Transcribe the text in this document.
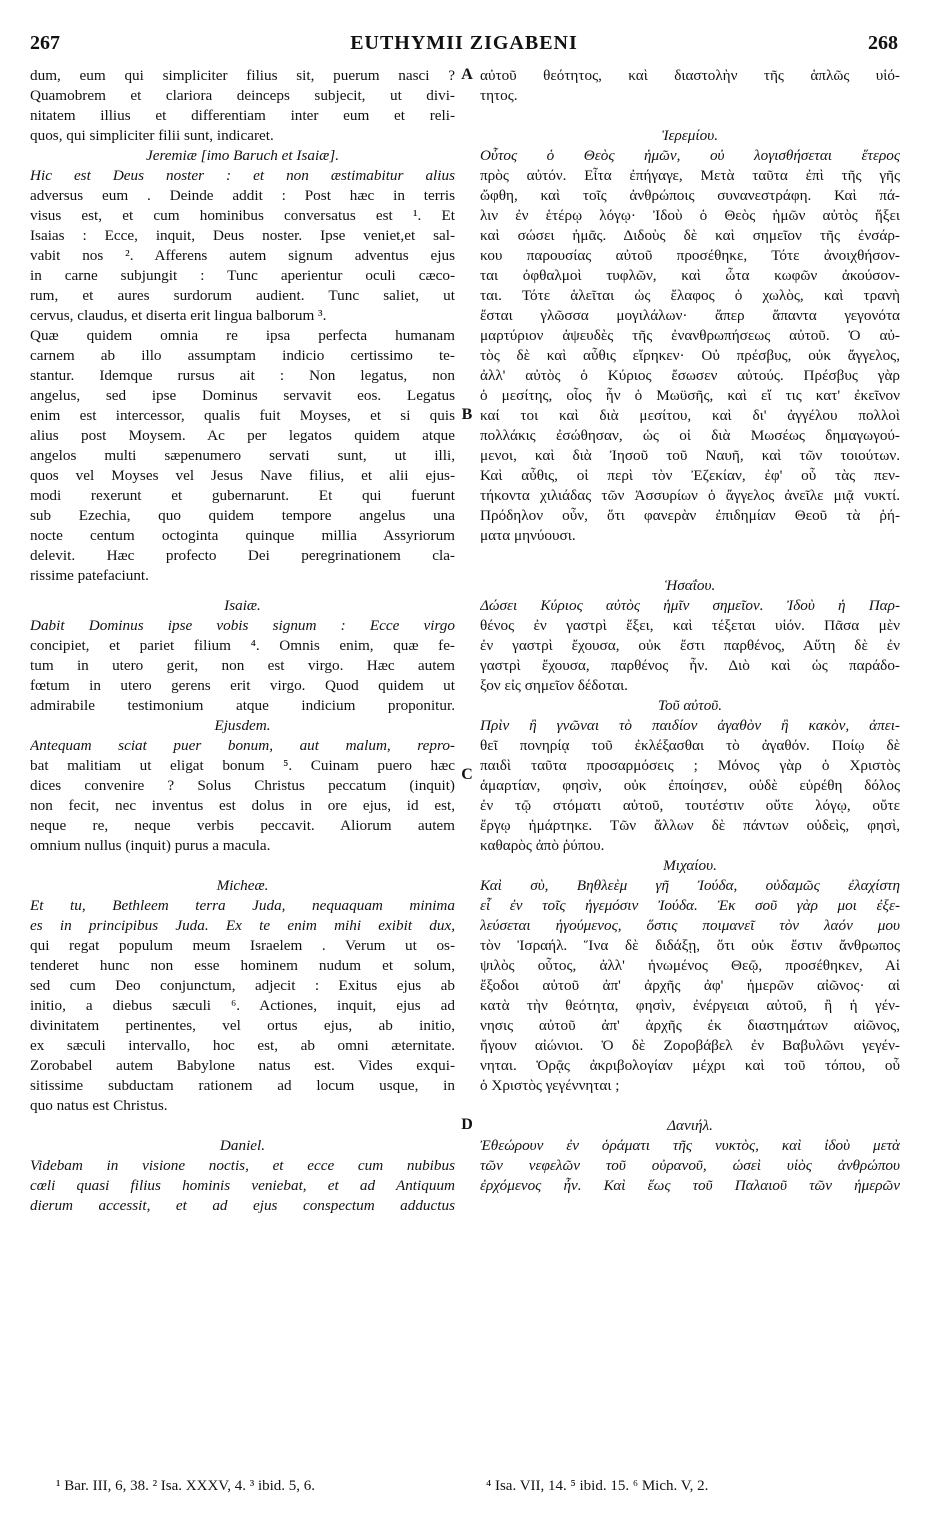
267	EUTHYMII ZIGABENI	268
dum, eum qui simpliciter filius sit, puerum nasci ?
Quamobrem et clariora deinceps subjecit, ut divi-
nitatem illius et differentiam inter eum et reli-
quos, qui simpliciter filii sunt, indicaret.
Jeremiæ [imo Baruch et Isaiæ].
Hic est Deus noster : et non æstimabitur alius
adversus eum . Deinde addit : Post hæc in terris
visus est, et cum hominibus conversatus est ¹. Et
Isaias : Ecce, inquit, Deus noster. Ipse veniet,et sal-
vabit nos ². Afferens autem signum adventus ejus
in carne subjungit : Tunc aperientur oculi cæco-
rum, et aures surdorum audient. Tunc saliet, ut
cervus, claudus, et diserta erit lingua balborum ³.
Quæ quidem omnia re ipsa perfecta humanam
carnem ab illo assumptam indicio certissimo te-
stantur. Idemque rursus ait : Non legatus, non
angelus, sed ipse Dominus servavit eos. Legatus
enim est intercessor, qualis fuit Moyses, et si quis
alius post Moysem. Ac per legatos quidem atque
angelos multi sæpenumero servati sunt, ut illi,
quos vel Moyses vel Jesus Nave filius, et alii ejus-
modi rexerunt et gubernarunt. Et qui fuerunt
sub Ezechia, quo quidem tempore angelus una
nocte centum octoginta quinque millia Assyriorum
delevit. Hæc profecto Dei peregrinationem cla-
rissime patefaciunt.
Isaiæ.
Dabit Dominus ipse vobis signum : Ecce virgo
concipiet, et pariet filium ⁴. Omnis enim, quæ fe-
tum in utero gerit, non est virgo. Hæc autem
fœtum in utero gerens erit virgo. Quod quidem ut
admirabile testimonium atque indicium proponitur.
Ejusdem.
Antequam sciat puer bonum, aut malum, repro-
bat malitiam ut eligat bonum ⁵. Cuinam puero hæc
dices convenire ? Solus Christus peccatum (inquit)
non fecit, nec inventus est dolus in ore ejus, id est,
neque re, neque verbis peccavit. Aliorum autem
omnium nullus (inquit) purus a macula.
Micheæ.
Et tu, Bethleem terra Juda, nequaquam minima
es in principibus Juda. Ex te enim mihi exibit dux,
qui regat populum meum Israelem . Verum ut os-
tenderet hunc non esse hominem nudum et solum,
sed cum Deo conjunctum, adjecit : Exitus ejus ab
initio, a diebus sæculi ⁶. Actiones, inquit, ejus ad
divinitatem pertinentes, vel ortus ejus, ab initio,
ex sæculi intervallo, hoc est, ab omni æternitate.
Zorobabel autem Babylone natus est. Vides exqui-
sitissime subductam rationem ad locum usque, in
quo natus est Christus.
Daniel.
Videbam in visione noctis, et ecce cum nubibus
cœli quasi filius hominis veniebat, et ad Antiquum
dierum accessit, et ad ejus conspectum adductus
A
B
C
D
αὐτοῦ θεότητος, καὶ διαστολὴν τῆς ἁπλῶς υἱό-
τητος.
Ἱερεμίου.
Οὗτος ὁ Θεὸς ἡμῶν, οὐ λογισθήσεται ἕτερος
πρὸς αὐτόν. Εἶτα ἐπήγαγε, Μετὰ ταῦτα ἐπὶ τῆς γῆς
ὤφθη, καὶ τοῖς ἀνθρώποις συνανεστράφη. Καὶ πά-
λιν ἐν ἑτέρῳ λόγῳ· Ἰδοὺ ὁ Θεὸς ἡμῶν αὐτὸς ἥξει
καὶ σώσει ἡμᾶς. Διδοὺς δὲ καὶ σημεῖον τῆς ἐνσάρ-
κου παρουσίας αὐτοῦ προσέθηκε, Τότε ἀνοιχθήσον-
ται ὀφθαλμοὶ τυφλῶν, καὶ ὦτα κωφῶν ἀκούσον-
ται. Τότε ἁλεῖται ὡς ἔλαφος ὁ χωλὸς, καὶ τρανὴ
ἔσται γλῶσσα μογιλάλων· ἅπερ ἅπαντα γεγονότα
μαρτύριον ἀψευδὲς τῆς ἐνανθρωπήσεως αὐτοῦ. Ὁ αὐ-
τὸς δὲ καὶ αὖθις εἴρηκεν· Οὐ πρέσβυς, οὐκ ἄγγελος,
ἀλλ' αὐτὸς ὁ Κύριος ἔσωσεν αὐτούς. Πρέσβυς γὰρ
ὁ μεσίτης, οἷος ἦν ὁ Μωϋσῆς, καὶ εἴ τις κατ' ἐκεῖνον
καί τοι καὶ διὰ μεσίτου, καὶ δι' ἀγγέλου πολλοὶ
πολλάκις ἐσώθησαν, ὡς οἱ διὰ Μωσέως δημαγωγού-
μενοι, καὶ διὰ Ἰησοῦ τοῦ Ναυῆ, καὶ τῶν τοιούτων.
Καὶ αὖθις, οἱ περὶ τὸν Ἐζεκίαν, ἐφ' οὗ τὰς πεν-
τήκοντα χιλιάδας τῶν Ἀσσυρίων ὁ ἄγγελος ἀνεῖλε μιᾷ νυκτί.
Πρόδηλον οὖν, ὅτι φανερὰν ἐπιδημίαν Θεοῦ τὰ ῥή-
ματα μηνύουσι.
Ἡσαΐου.
Δώσει Κύριος αὐτὸς ἡμῖν σημεῖον. Ἰδοὺ ἡ Παρ-
θένος ἐν γαστρὶ ἕξει, καὶ τέξεται υἱόν. Πᾶσα μὲν
ἐν γαστρὶ ἔχουσα, οὐκ ἔστι παρθένος, Αὕτη δὲ ἐν
γαστρὶ ἔχουσα, παρθένος ἦν. Διὸ καὶ ὡς παράδο-
ξον εἰς σημεῖον δέδοται.
Τοῦ αὐτοῦ.
Πρὶν ἢ γνῶναι τὸ παιδίον ἀγαθὸν ἢ κακὸν, ἀπει-
θεῖ πονηρίᾳ τοῦ ἐκλέξασθαι τὸ ἀγαθόν. Ποίῳ δὲ
παιδὶ ταῦτα προσαρμόσεις ; Μόνος γὰρ ὁ Χριστὸς
ἁμαρτίαν, φησὶν, οὐκ ἐποίησεν, οὐδὲ εὑρέθη δόλος
ἐν τῷ στόματι αὐτοῦ, τουτέστιν οὔτε λόγῳ, οὔτε
ἔργῳ ἡμάρτηκε. Τῶν ἄλλων δὲ πάντων οὐδεὶς, φησὶ,
καθαρὸς ἀπὸ ῥύπου.
Μιχαίου.
Καὶ σὺ, Βηθλεὲμ γῆ Ἰούδα, οὐδαμῶς ἐλαχίστη
εἶ ἐν τοῖς ἡγεμόσιν Ἰούδα. Ἐκ σοῦ γὰρ μοι ἐξε-
λεύσεται ἡγούμενος, ὅστις ποιμανεῖ τὸν λαόν μου
τὸν Ἰσραήλ. Ἵνα δὲ διδάξῃ, ὅτι οὐκ ἔστιν ἄνθρωπος
ψιλὸς οὗτος, ἀλλ' ἡνωμένος Θεῷ, προσέθηκεν, Αἱ
ἔξοδοι αὐτοῦ ἀπ' ἀρχῆς ἀφ' ἡμερῶν αἰῶνος· αἱ
κατὰ τὴν θεότητα, φησὶν, ἐνέργειαι αὐτοῦ, ἢ ἡ γέν-
νησις αὐτοῦ ἀπ' ἀρχῆς ἐκ διαστημάτων αἰῶνος,
ἤγουν αἰώνιοι. Ὁ δὲ Ζοροβάβελ ἐν Βαβυλῶνι γεγέν-
νηται. Ὁρᾷς ἀκριβολογίαν μέχρι καὶ τοῦ τόπου, οὗ
ὁ Χριστὸς γεγέννηται ;
Δανιήλ.
Ἐθεώρουν ἐν ὁράματι τῆς νυκτὸς, καὶ ἰδοὺ μετὰ
τῶν νεφελῶν τοῦ οὐρανοῦ, ὡσεὶ υἱὸς ἀνθρώπου
ἐρχόμενος ἦν. Καὶ ἕως τοῦ Παλαιοῦ τῶν ἡμερῶν
¹ Bar. III, 6, 38. ² Isa. XXXV, 4. ³ ibid. 5, 6.	⁴ Isa. VII, 14. ⁵ ibid. 15. ⁶ Mich. V, 2.
